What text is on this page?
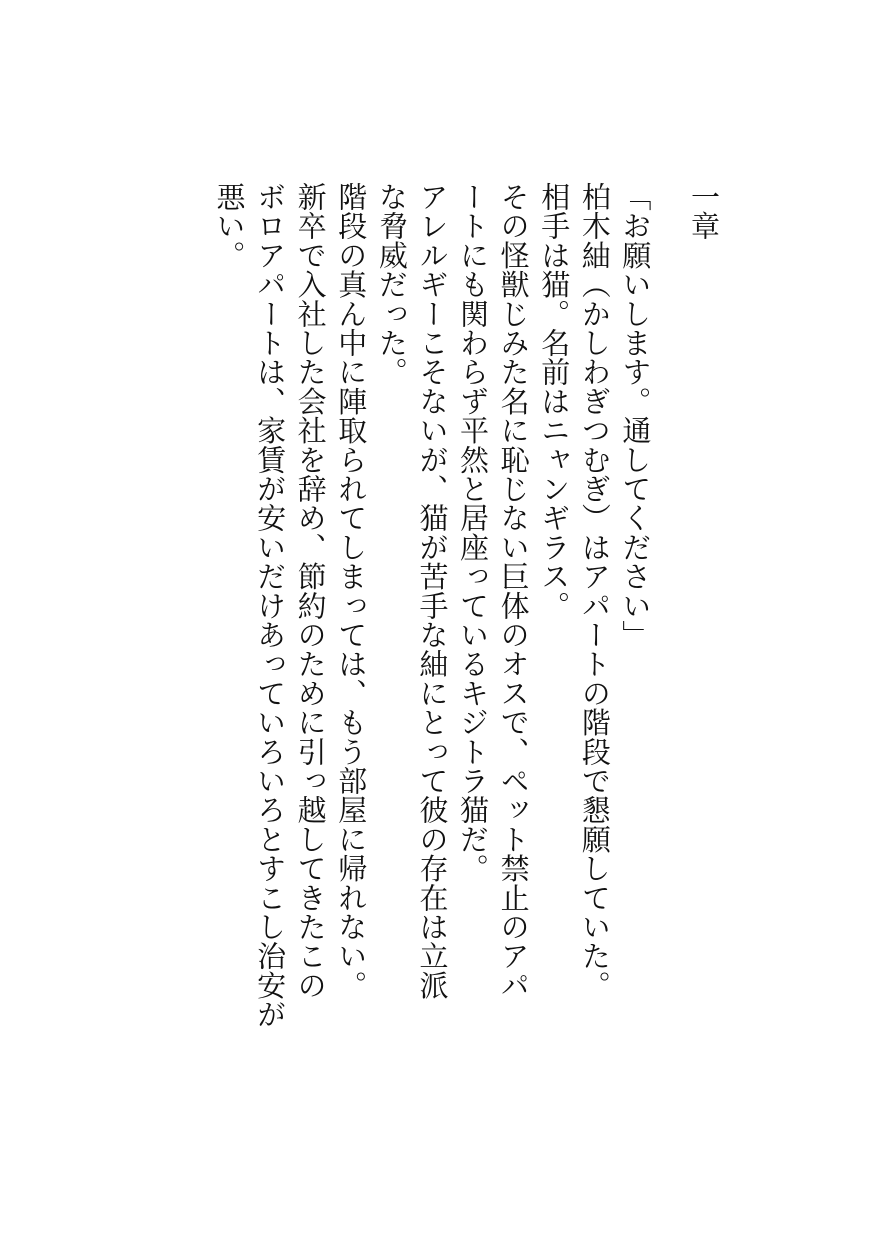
一章
「お願いします。通してください」
柏木紬（かしわぎつむぎ）はアパートの階段で懇願していた。
相手は猫。名前はニャンギラス。
その怪獣じみた名に恥じない巨体のオスで、ペット禁止のアパ
ートにも関わらず平然と居座っているキジトラ猫だ。
アレルギーこそないが、猫が苦手な紬にとって彼の存在は立派
な脅威だった。
階段の真ん中に陣取られてしまっては、もう部屋に帰れない。
新卒で入社した会社を辞め、節約のために引っ越してきたこの
ボロアパートは、家賃が安いだけあっていろいろとすこし治安が
悪い。
